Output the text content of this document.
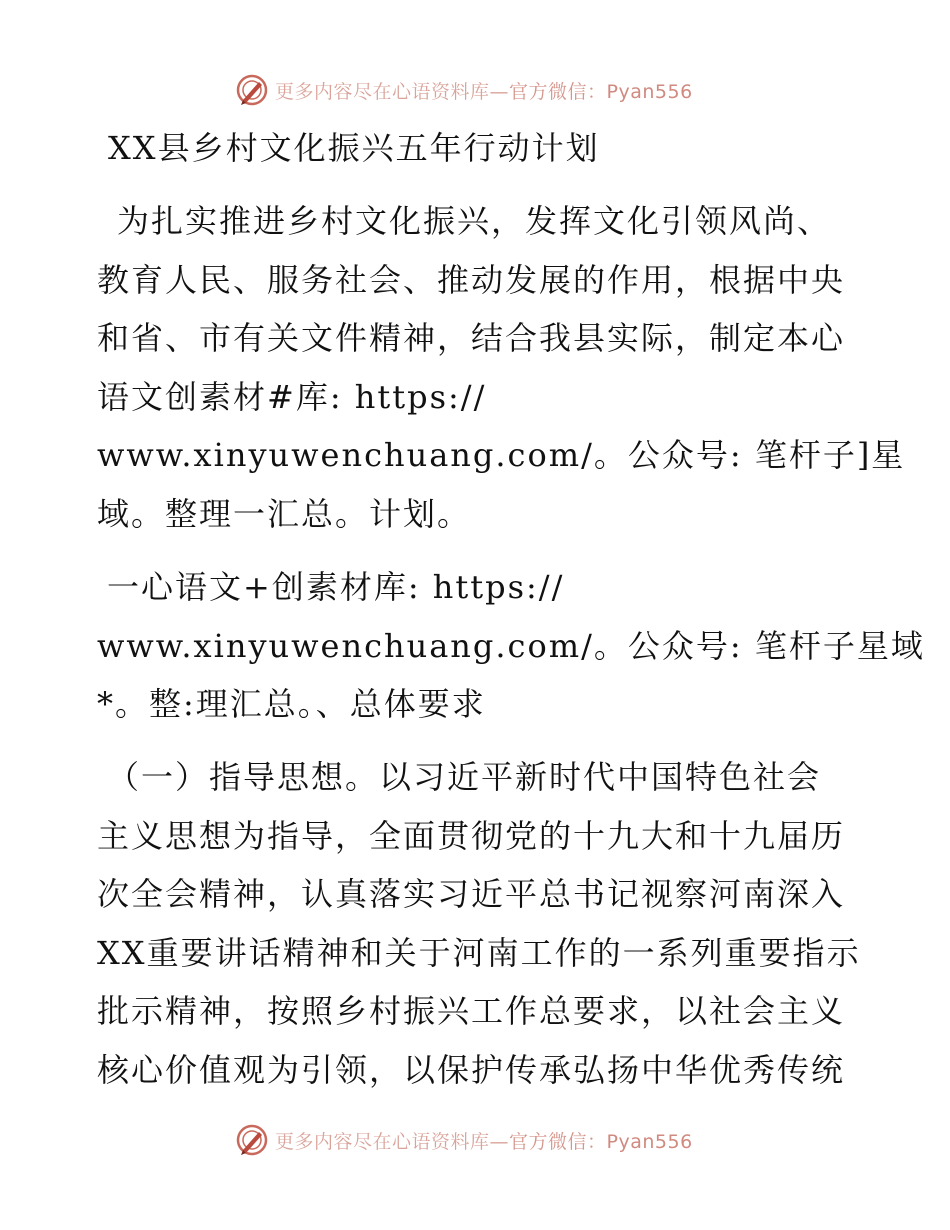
更多内容尽在心语资料库—官方微信：Pyan556
XX县乡村文化振兴五年行动计划
为扎实推进乡村文化振兴，发挥文化引领风尚、
教育人民、服务社会、推动发展的作用，根据中央
和省、市有关文件精神，结合我县实际，制定本心
语文创素材#库: https://
www.xinyuwenchuang.com/。公众号: 笔杆子]星
域。整理一汇总。计划。
一心语文+创素材库: https://
www.xinyuwenchuang.com/。公众号: 笔杆子星域
*。整:理汇总。、总体要求
（一）指导思想。以习近平新时代中国特色社会
主义思想为指导，全面贯彻党的十九大和十九届历
次全会精神，认真落实习近平总书记视察河南深入
XX重要讲话精神和关于河南工作的一系列重要指示
批示精神，按照乡村振兴工作总要求，以社会主义
核心价值观为引领，以保护传承弘扬中华优秀传统
更多内容尽在心语资料库—官方微信：Pyan556
